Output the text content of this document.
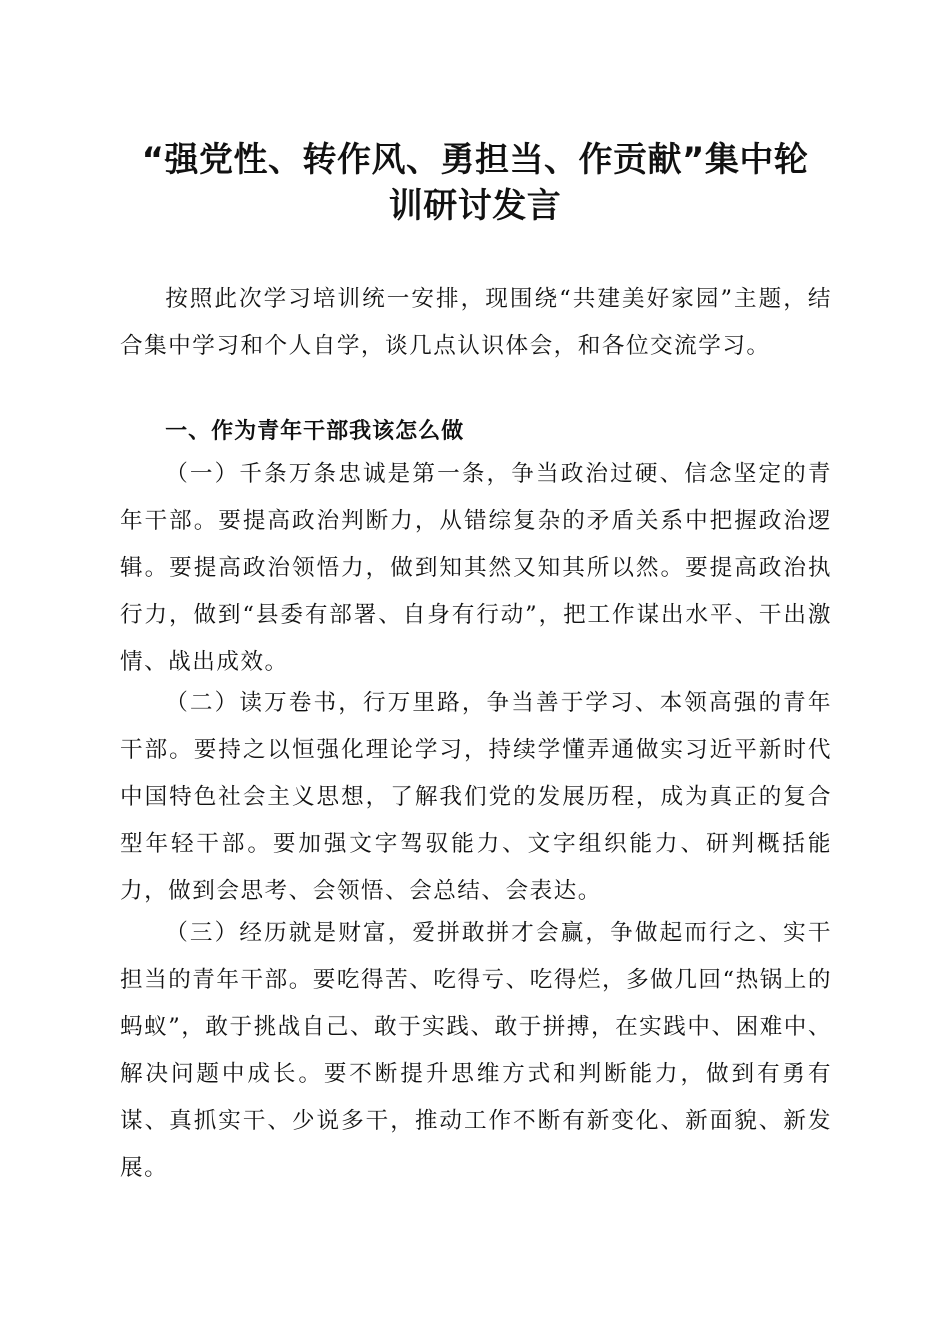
“强党性、转作风、勇担当、作贡献”集中轮
训研讨发言

按照此次学习培训统一安排，现围绕“共建美好家园”主题，结合集中学习和个人自学，谈几点认识体会，和各位交流学习。

一、作为青年干部我该怎么做

（一）千条万条忠诚是第一条，争当政治过硬、信念坚定的青年干部。要提高政治判断力，从错综复杂的矛盾关系中把握政治逻辑。要提高政治领悟力，做到知其然又知其所以然。要提高政治执行力，做到“县委有部署、自身有行动”，把工作谋出水平、干出激情、战出成效。

（二）读万卷书，行万里路，争当善于学习、本领高强的青年干部。要持之以恒强化理论学习，持续学懂弄通做实习近平新时代中国特色社会主义思想，了解我们党的发展历程，成为真正的复合型年轻干部。要加强文字驾驭能力、文字组织能力、研判概括能力，做到会思考、会领悟、会总结、会表达。

（三）经历就是财富，爱拼敢拼才会赢，争做起而行之、实干担当的青年干部。要吃得苦、吃得亏、吃得烂，多做几回“热锅上的蚂蚁”，敢于挑战自己、敢于实践、敢于拼搏，在实践中、困难中、解决问题中成长。要不断提升思维方式和判断能力，做到有勇有谋、真抓实干、少说多干，推动工作不断有新变化、新面貌、新发展。
